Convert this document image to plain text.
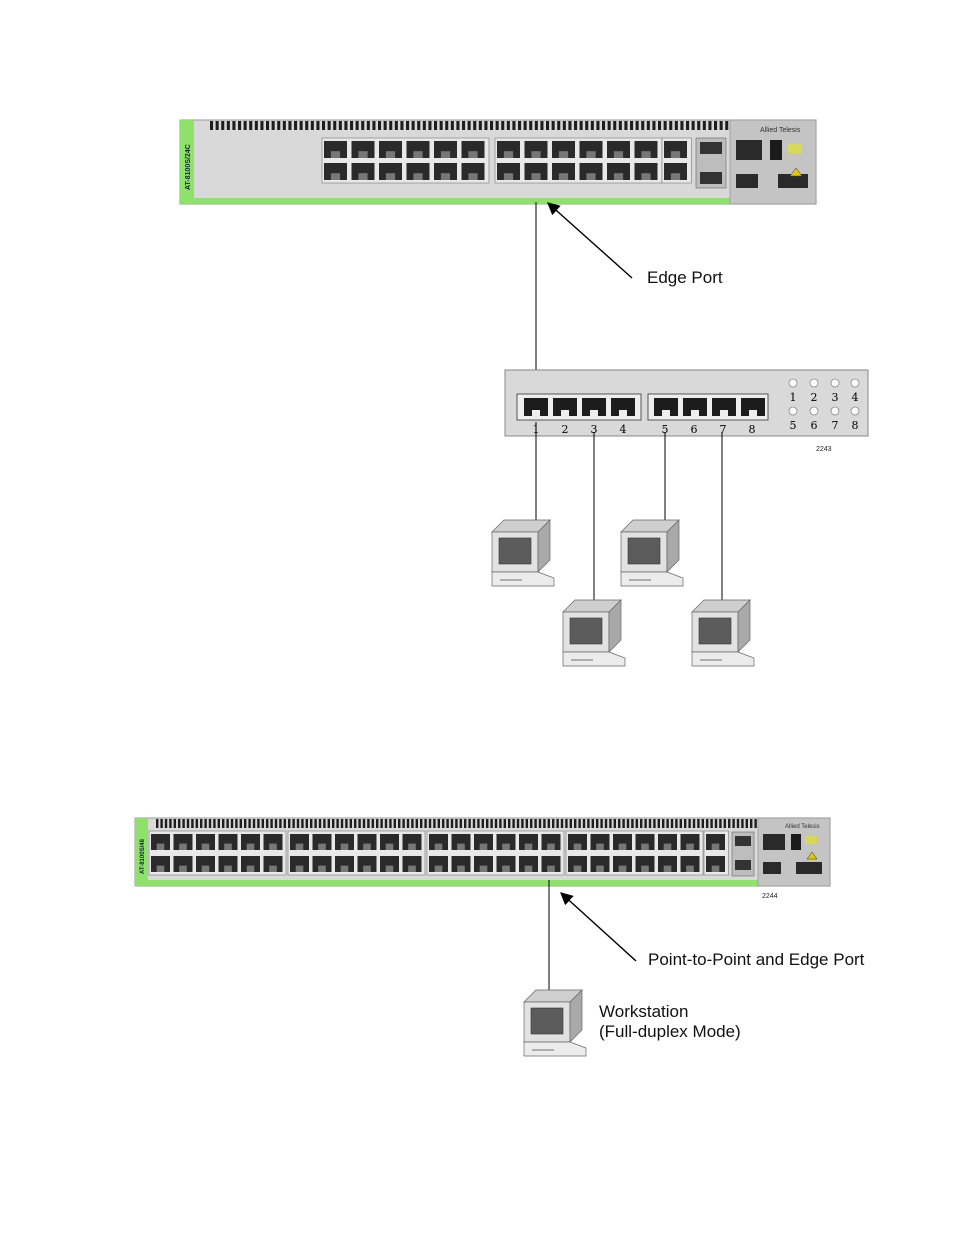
Allied Telesis
AT-8100S/24C
1 2 3 4	5 6 7 8
1 2 3 4
5 6 7 8
Allied Telesis
AT-8100S/48
Edge Port
2243
Point-to-Point and Edge Port
2244
Workstation
(Full-duplex Mode)
